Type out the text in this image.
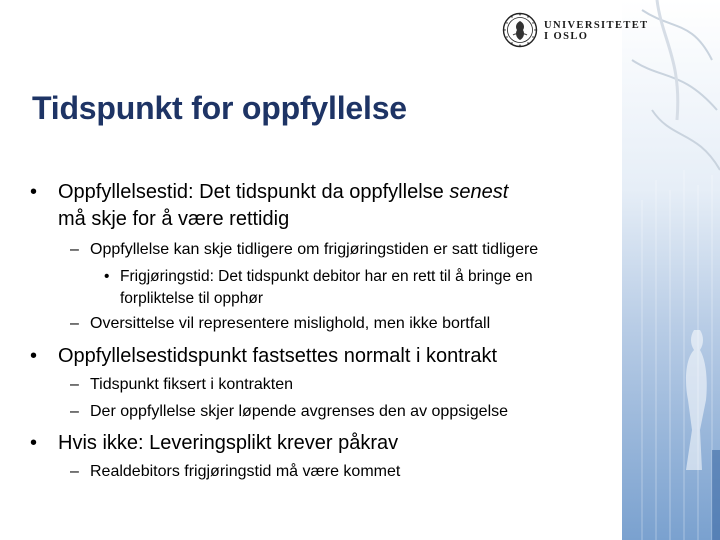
UNIVERSITETET
I OSLO
Tidspunkt for oppfyllelse
• Oppfyllelsestid: Det tidspunkt da oppfyllelse senest
må skje for å være rettidig
– Oppfyllelse kan skje tidligere om frigjøringstiden er satt tidligere
• Frigjøringstid: Det tidspunkt debitor har en rett til å bringe en
forpliktelse til opphør
– Oversittelse vil representere mislighold, men ikke bortfall
• Oppfyllelsestidspunkt fastsettes normalt i kontrakt
– Tidspunkt fiksert i kontrakten
– Der oppfyllelse skjer løpende avgrenses den av oppsigelse
• Hvis ikke: Leveringsplikt krever påkrav
– Realdebitors frigjøringstid må være kommet
